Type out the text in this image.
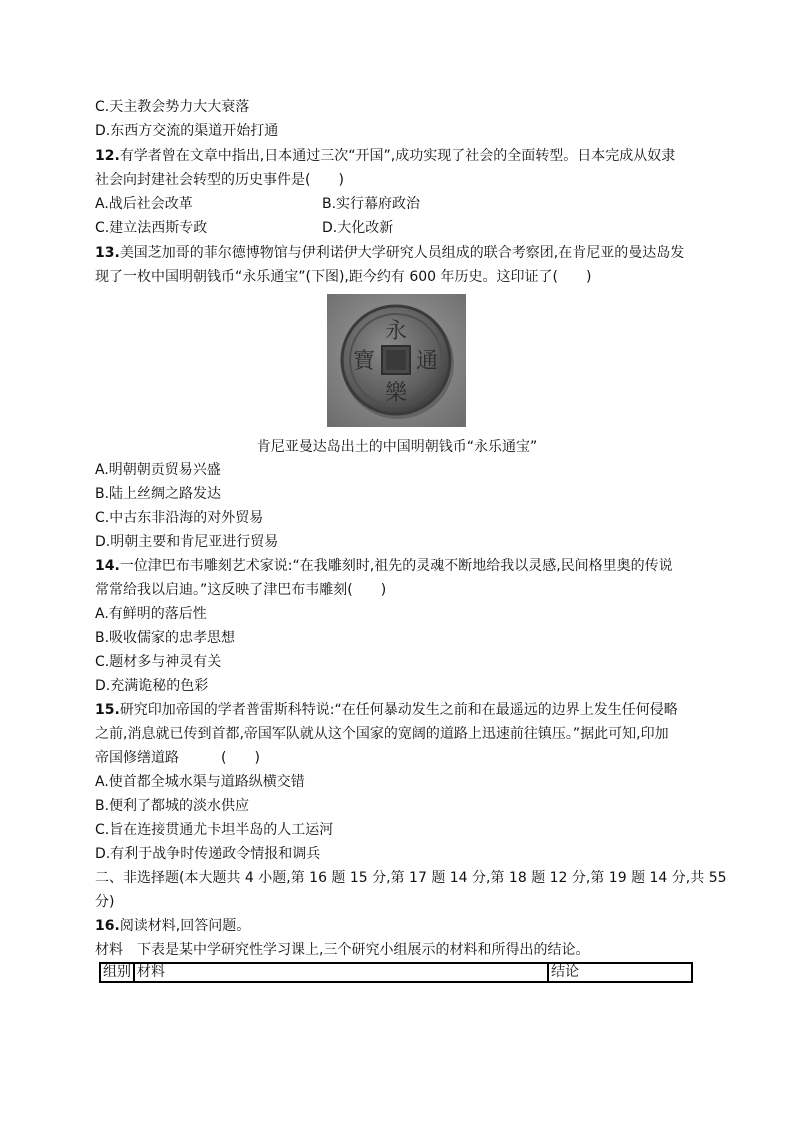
C.天主教会势力大大衰落
D.东西方交流的渠道开始打通
12.有学者曾在文章中指出,日本通过三次“开国”,成功实现了社会的全面转型。日本完成从奴隶
社会向封建社会转型的历史事件是(　　)
A.战后社会改革	B.实行幕府政治
C.建立法西斯专政	D.大化改新
13.美国芝加哥的菲尔德博物馆与伊利诺伊大学研究人员组成的联合考察团,在肯尼亚的曼达岛发
现了一枚中国明朝钱币“永乐通宝”(下图),距今约有 600 年历史。这印证了(　　)
永
樂
通
寶
肯尼亚曼达岛出土的中国明朝钱币“永乐通宝”
A.明朝朝贡贸易兴盛
B.陆上丝绸之路发达
C.中古东非沿海的对外贸易
D.明朝主要和肯尼亚进行贸易
14.一位津巴布韦雕刻艺术家说:“在我雕刻时,祖先的灵魂不断地给我以灵感,民间格里奥的传说
常常给我以启迪。”这反映了津巴布韦雕刻(　　)
A.有鲜明的落后性
B.吸收儒家的忠孝思想
C.题材多与神灵有关
D.充满诡秘的色彩
15.研究印加帝国的学者普雷斯科特说:“在任何暴动发生之前和在最遥远的边界上发生任何侵略
之前,消息就已传到首都,帝国军队就从这个国家的宽阔的道路上迅速前往镇压。”据此可知,印加
帝国修缮道路　　　(　　)
A.使首都全城水渠与道路纵横交错
B.便利了都城的淡水供应
C.旨在连接贯通尤卡坦半岛的人工运河
D.有利于战争时传递政令情报和调兵
二、非选择题(本大题共 4 小题,第 16 题 15 分,第 17 题 14 分,第 18 题 12 分,第 19 题 14 分,共 55
分)
16.阅读材料,回答问题。
材料 下表是某中学研究性学习课上,三个研究小组展示的材料和所得出的结论。
组别	材料	结论
